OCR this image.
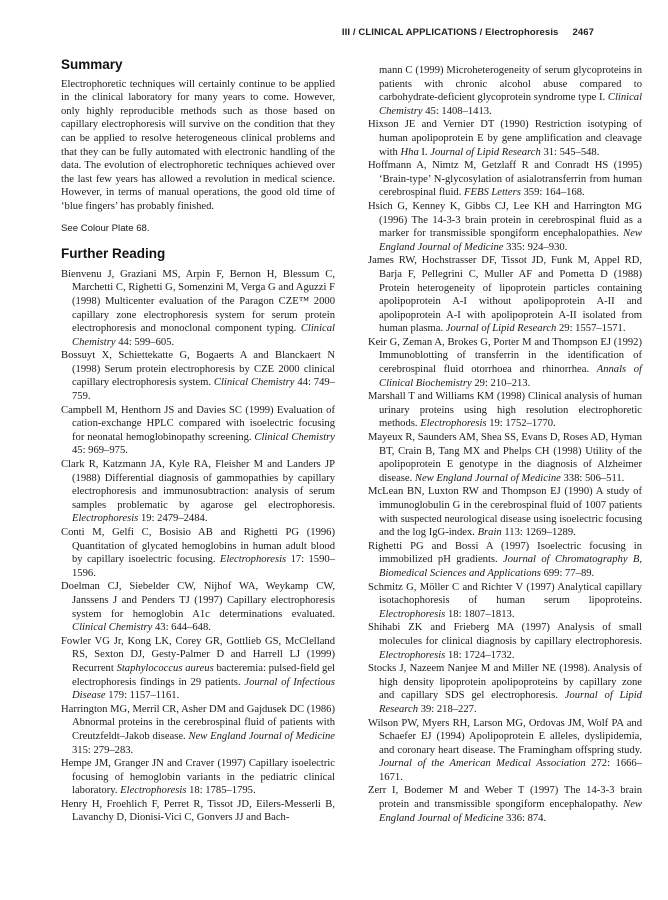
III / CLINICAL APPLICATIONS / Electrophoresis 2467
Summary

Electrophoretic techniques will certainly continue to be applied in the clinical laboratory for many years to come. However, only highly reproducible methods such as those based on capillary electrophoresis will survive on the condition that they can be applied to resolve heterogeneous clinical problems and that they can be fully automated with electronic handling of the data. The evolution of electrophoretic techniques achieved over the last few years has allowed a revolution in medical science. However, in terms of manual operations, the good old time of ‘blue fingers’ has probably finished.

See Colour Plate 68.

Further Reading

Bienvenu J, Graziani MS, Arpin F, Bernon H, Blessum C, Marchetti C, Righetti G, Somenzini M, Verga G and Aguzzi F (1998) Multicenter evaluation of the Paragon CZE™ 2000 capillary zone electrophoresis system for serum protein electrophoresis and monoclonal component typing. Clinical Chemistry 44: 599–605.

Bossuyt X, Schiettekatte G, Bogaerts A and Blanckaert N (1998) Serum protein electrophoresis by CZE 2000 clinical capillary electrophoresis system. Clinical Chemistry 44: 749–759.

Campbell M, Henthorn JS and Davies SC (1999) Evaluation of cation-exchange HPLC compared with isoelectric focusing for neonatal hemoglobinopathy screening. Clinical Chemistry 45: 969–975.

Clark R, Katzmann JA, Kyle RA, Fleisher M and Landers JP (1988) Differential diagnosis of gammopathies by capillary electrophoresis and immunosubtraction: analysis of serum samples problematic by agarose gel electrophoresis. Electrophoresis 19: 2479–2484.

Conti M, Gelfi C, Bosisio AB and Righetti PG (1996) Quantitation of glycated hemoglobins in human adult blood by capillary isoelectric focusing. Electrophoresis 17: 1590–1596.

Doelman CJ, Siebelder CW, Nijhof WA, Weykamp CW, Janssens J and Penders TJ (1997) Capillary electrophoresis system for hemoglobin A1c determinations evaluated. Clinical Chemistry 43: 644–648.

Fowler VG Jr, Kong LK, Corey GR, Gottlieb GS, McClelland RS, Sexton DJ, Gesty-Palmer D and Harrell LJ (1999) Recurrent Staphylococcus aureus bacteremia: pulsed-field gel electrophoresis findings in 29 patients. Journal of Infectious Disease 179: 1157–1161.

Harrington MG, Merril CR, Asher DM and Gajdusek DC (1986) Abnormal proteins in the cerebrospinal fluid of patients with Creutzfeldt–Jakob disease. New England Journal of Medicine 315: 279–283.

Hempe JM, Granger JN and Craver (1997) Capillary isoelectric focusing of hemoglobin variants in the pediatric clinical laboratory. Electrophoresis 18: 1785–1795.

Henry H, Froehlich F, Perret R, Tissot JD, Eilers-Messerli B, Lavanchy D, Dionisi-Vici C, Gonvers JJ and Bach-

mann C (1999) Microheterogeneity of serum glycoproteins in patients with chronic alcohol abuse compared to carbohydrate-deficient glycoprotein syndrome type I. Clinical Chemistry 45: 1408–1413.

Hixson JE and Vernier DT (1990) Restriction isotyping of human apolipoprotein E by gene amplification and cleavage with Hha I. Journal of Lipid Research 31: 545–548.

Hoffmann A, Nimtz M, Getzlaff R and Conradt HS (1995) ‘Brain-type’ N-glycosylation of asialotransferrin from human cerebrospinal fluid. FEBS Letters 359: 164–168.

Hsich G, Kenney K, Gibbs CJ, Lee KH and Harrington MG (1996) The 14-3-3 brain protein in cerebrospinal fluid as a marker for transmissible spongiform encephalopathies. New England Journal of Medicine 335: 924–930.

James RW, Hochstrasser DF, Tissot JD, Funk M, Appel RD, Barja F, Pellegrini C, Muller AF and Pometta D (1988) Protein heterogeneity of lipoprotein particles containing apolipoprotein A-I without apolipoprotein A-II and apolipoprotein A-I with apolipoprotein A-II isolated from human plasma. Journal of Lipid Research 29: 1557–1571.

Keir G, Zeman A, Brokes G, Porter M and Thompson EJ (1992) Immunoblotting of transferrin in the identification of cerebrospinal fluid otorrhoea and rhinorrhea. Annals of Clinical Biochemistry 29: 210–213.

Marshall T and Williams KM (1998) Clinical analysis of human urinary proteins using high resolution electrophoretic methods. Electrophoresis 19: 1752–1770.

Mayeux R, Saunders AM, Shea SS, Evans D, Roses AD, Hyman BT, Crain B, Tang MX and Phelps CH (1998) Utility of the apolipoprotein E genotype in the diagnosis of Alzheimer disease. New England Journal of Medicine 338: 506–511.

McLean BN, Luxton RW and Thompson EJ (1990) A study of immunoglobulin G in the cerebrospinal fluid of 1007 patients with suspected neurological disease using isoelectric focusing and the log IgG-index. Brain 113: 1269–1289.

Righetti PG and Bossi A (1997) Isoelectric focusing in immobilized pH gradients. Journal of Chromatography B, Biomedical Sciences and Applications 699: 77–89.

Schmitz G, Möller C and Richter V (1997) Analytical capillary isotachophoresis of human serum lipoproteins. Electrophoresis 18: 1807–1813.

Shihabi ZK and Frieberg MA (1997) Analysis of small molecules for clinical diagnosis by capillary electrophoresis. Electrophoresis 18: 1724–1732.

Stocks J, Nazeem Nanjee M and Miller NE (1998). Analysis of high density lipoprotein apolipoproteins by capillary zone and capillary SDS gel electrophoresis. Journal of Lipid Research 39: 218–227.

Wilson PW, Myers RH, Larson MG, Ordovas JM, Wolf PA and Schaefer EJ (1994) Apolipoprotein E alleles, dyslipidemia, and coronary heart disease. The Framingham offspring study. Journal of the American Medical Association 272: 1666–1671.

Zerr I, Bodemer M and Weber T (1997) The 14-3-3 brain protein and transmissible spongiform encephalopathy. New England Journal of Medicine 336: 874.
